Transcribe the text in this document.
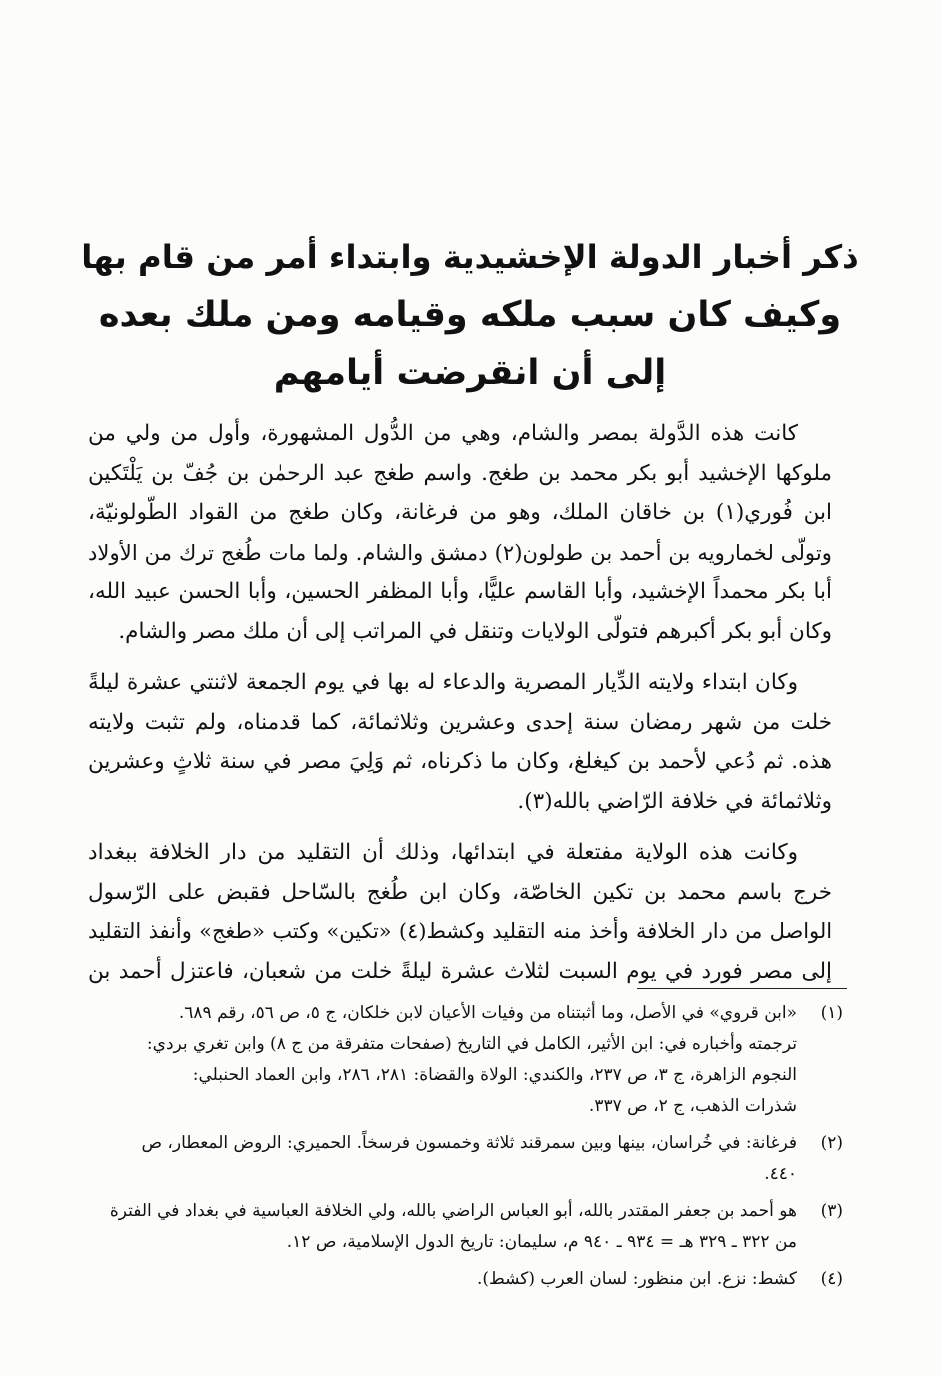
ذكر أخبار الدولة الإخشيدية وابتداء أمر من قام بها
وكيف كان سبب ملكه وقيامه ومن ملك بعده
إلى أن انقرضت أيامهم
كانت هذه الدَّولة بمصر والشام، وهي من الدُّول المشهورة، وأول من ولي من
ملوكها الإخشيد أبو بكر محمد بن طغج. واسم طغج عبد الرحمٰن بن جُفّ بن يَلْتَكين
ابن فُوري(١) بن خاقان الملك، وهو من فرغانة، وكان طغج من القواد الطّولونيّة،
وتولّى لخمارويه بن أحمد بن طولون(٢) دمشق والشام. ولما مات طُغج ترك من الأولاد
أبا بكر محمداً الإخشيد، وأبا القاسم عليًّا، وأبا المظفر الحسين، وأبا الحسن عبيد الله،
وكان أبو بكر أكبرهم فتولّى الولايات وتنقل في المراتب إلى أن ملك مصر والشام.
وكان ابتداء ولايته الدِّيار المصرية والدعاء له بها في يوم الجمعة لاثنتي عشرة ليلةً
خلت من شهر رمضان سنة إحدى وعشرين وثلاثمائة، كما قدمناه، ولم تثبت ولايته
هذه. ثم دُعي لأحمد بن كيغلغ، وكان ما ذكرناه، ثم وَلِيَ مصر في سنة ثلاثٍ وعشرين
وثلاثمائة في خلافة الرّاضي بالله(٣).
وكانت هذه الولاية مفتعلة في ابتدائها، وذلك أن التقليد من دار الخلافة ببغداد
خرج باسم محمد بن تكين الخاصّة، وكان ابن طُغج بالسّاحل فقبض على الرّسول
الواصل من دار الخلافة وأخذ منه التقليد وكشط(٤) «تكين» وكتب «طغج» وأنفذ التقليد
إلى مصر فورد في يوم السبت لثلاث عشرة ليلةً خلت من شعبان، فاعتزل أحمد بن
(١)
«ابن قروي» في الأصل، وما أثبتناه من وفيات الأعيان لابن خلكان، ج ٥، ص ٥٦، رقم ٦٨٩.
ترجمته وأخباره في: ابن الأثير، الكامل في التاريخ (صفحات متفرقة من ج ٨) وابن تغري بردي:
النجوم الزاهرة، ج ٣، ص ٢٣٧، والكندي: الولاة والقضاة: ٢٨١، ٢٨٦، وابن العماد الحنبلي:
شذرات الذهب، ج ٢، ص ٣٣٧.
(٢)
فرغانة: في خُراسان، بينها وبين سمرقند ثلاثة وخمسون فرسخاً. الحميري: الروض المعطار، ص
٤٤٠.
(٣)
هو أحمد بن جعفر المقتدر بالله، أبو العباس الراضي بالله، ولي الخلافة العباسية في بغداد في الفترة
من ٣٢٢ ـ ٣٢٩ هـ = ٩٣٤ ـ ٩٤٠ م، سليمان: تاريخ الدول الإسلامية، ص ١٢.
(٤)
كشط: نزع. ابن منظور: لسان العرب (كشط).
